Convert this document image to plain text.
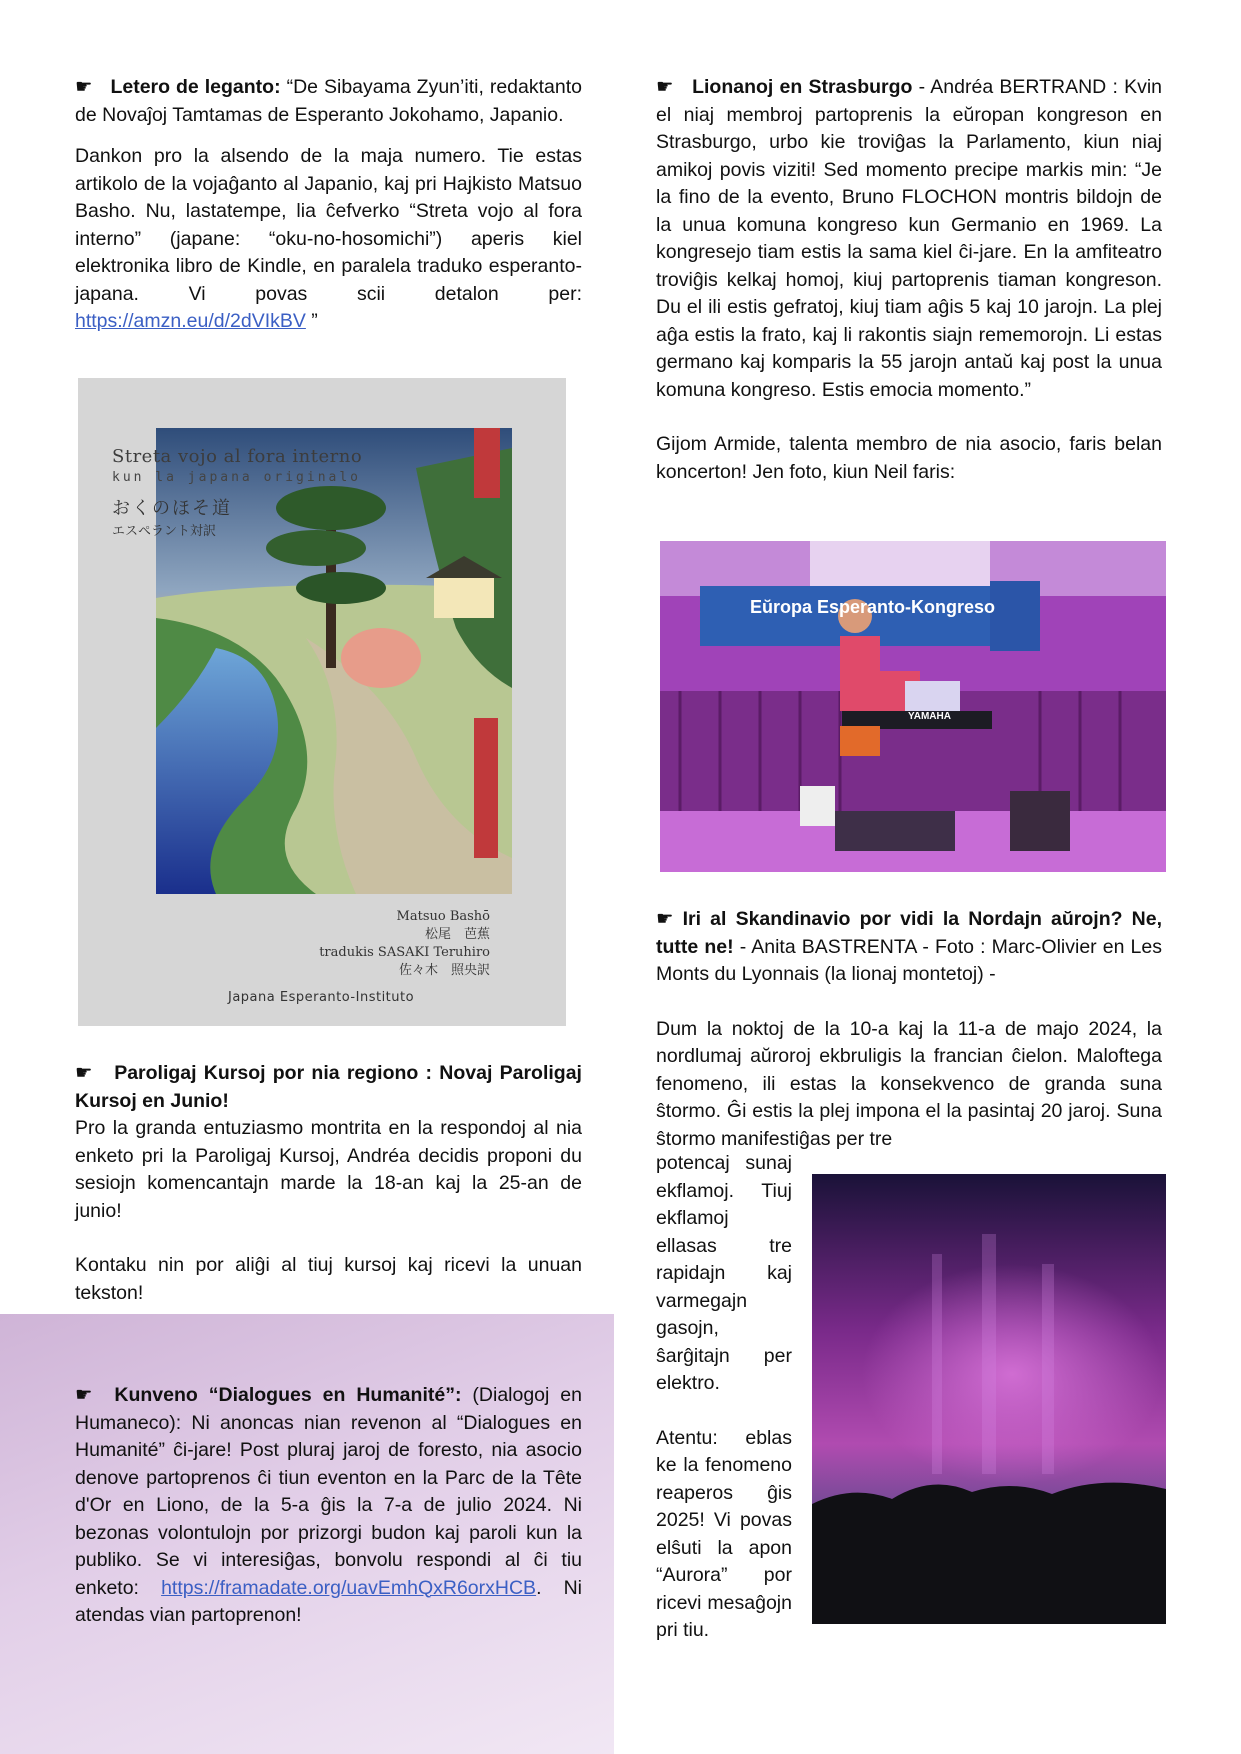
☛ Letero de leganto: “De Sibayama Zyun’iti, redaktanto de Novaĵoj Tamtamas de Esperanto Jokohamo, Japanio.

Dankon pro la alsendo de la maja numero. Tie estas artikolo de la vojaĝanto al Japanio, kaj pri Hajkisto Matsuo Basho. Nu, lastatempe, lia ĉefverko “Streta vojo al fora interno” (japane: “oku-no-hosomichi”) aperis kiel elektronika libro de Kindle, en paralela traduko esperanto-japana. Vi povas scii detalon per: https://amzn.eu/d/2dVIkBV ”

Streta vojo al fora interno
kun la japana originalo
おくのほそ道
エスペラント対訳
Matsuo Bashō
松尾　芭蕉
tradukis SASAKI Teruhiro
佐々木　照央訳
Japana Esperanto-Instituto

☛ Paroligaj Kursoj por nia regiono : Novaj Paroligaj Kursoj en Junio!

Pro la granda entuziasmo montrita en la respondoj al nia enketo pri la Paroligaj Kursoj, Andréa decidis proponi du sesiojn komencantajn marde la 18-an kaj la 25-an de junio!

Kontaku nin por aliĝi al tiuj kursoj kaj ricevi la unuan tekston!

☛ Kunveno “Dialogues en Humanité”: (Dialogoj en Humaneco): Ni anoncas nian revenon al “Dialogues en Humanité” ĉi-jare! Post pluraj jaroj de foresto, nia asocio denove partoprenos ĉi tiun eventon en la Parc de la Tête d'Or en Liono, de la 5-a ĝis la 7-a de julio 2024. Ni bezonas volontulojn por prizorgi budon kaj paroli kun la publiko. Se vi interesiĝas, bonvolu respondi al ĉi tiu enketo: https://framadate.org/uavEmhQxR6orxHCB. Ni atendas vian partoprenon!

☛ Lionanoj en Strasburgo - Andréa BERTRAND : Kvin el niaj membroj partoprenis la eŭropan kongreson en Strasburgo, urbo kie troviĝas la Parlamento, kiun niaj amikoj povis viziti! Sed momento precipe markis min: “Je la fino de la evento, Bruno FLOCHON montris bildojn de la unua komuna kongreso kun Germanio en 1969. La kongresejo tiam estis la sama kiel ĉi-jare. En la amfiteatro troviĝis kelkaj homoj, kiuj partoprenis tiaman kongreson. Du el ili estis gefratoj, kiuj tiam aĝis 5 kaj 10 jarojn. La plej aĝa estis la frato, kaj li rakontis siajn rememorojn. Li estas germano kaj komparis la 55 jarojn antaŭ kaj post la unua komuna kongreso. Estis emocia momento.”

Gijom Armide, talenta membro de nia asocio, faris belan koncerton! Jen foto, kiun Neil faris:

Eŭropa Esperanto-Kongreso
YAMAHA

☛ Iri al Skandinavio por vidi la Nordajn aŭrojn? Ne, tutte ne! - Anita BASTRENTA - Foto : Marc-Olivier en Les Monts du Lyonnais (la lionaj montetoj) -

Dum la noktoj de la 10-a kaj la 11-a de majo 2024, la nordlumaj aŭroroj ekbruligis la francian ĉielon. Maloftega fenomeno, ili estas la konsekvenco de granda suna ŝtormo. Ĝi estis la plej impona el la pasintaj 20 jaroj. Suna ŝtormo manifestiĝas per tre

potencaj sunaj ekflamoj. Tiuj ekflamoj ellasas tre rapidajn kaj varmegajn gasojn, ŝarĝitajn per elektro.

Atentu: eblas ke la fenomeno reaperos ĝis 2025! Vi povas elŝuti la apon “Aurora” por ricevi mesaĝojn pri tiu.
